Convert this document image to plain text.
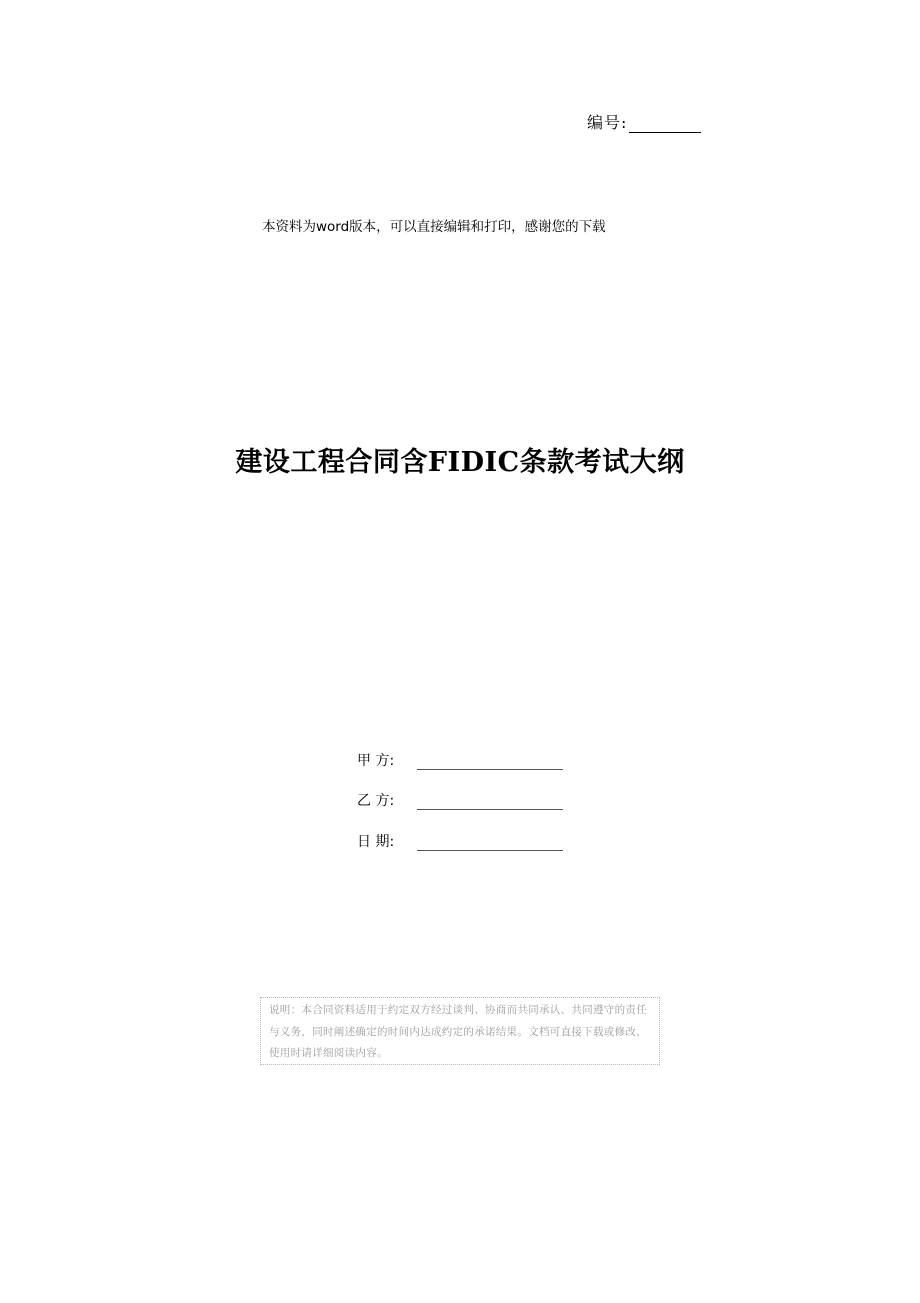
编号:
本资料为word版本，可以直接编辑和打印，感谢您的下载
建设工程合同含FIDIC条款考试大纲
甲 方:
乙 方:
日 期:
说明：本合同资料适用于约定双方经过谈判、协商而共同承认、共同遵守的责任与义务，同时阐述确定的时间内达成约定的承诺结果。文档可直接下载或修改，使用时请详细阅读内容。
